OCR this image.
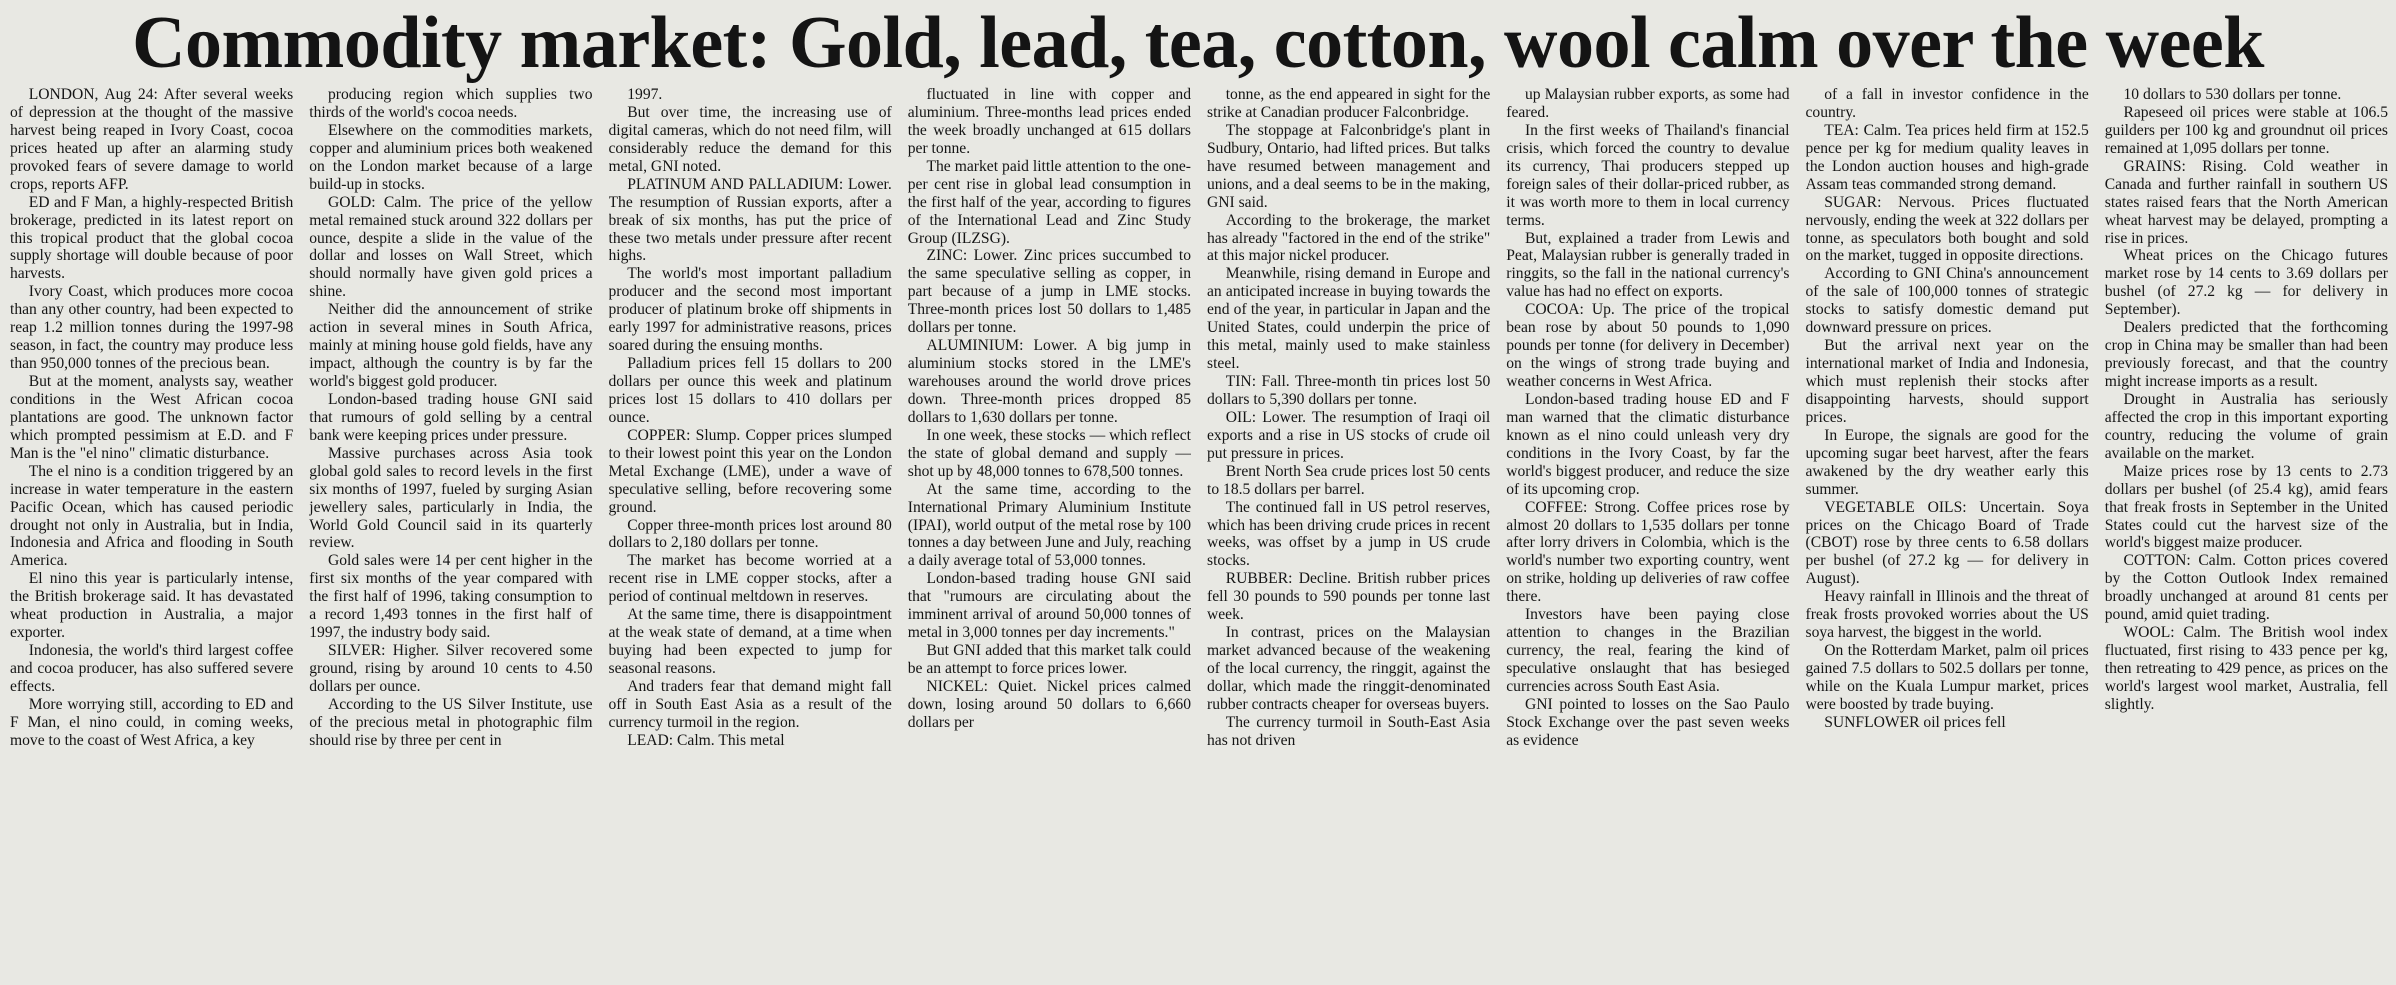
Commodity market: Gold, lead, tea, cotton, wool calm over the week

LONDON, Aug 24: After several weeks of depression at the thought of the massive harvest being reaped in Ivory Coast, cocoa prices heated up after an alarming study provoked fears of severe damage to world crops, reports AFP.

ED and F Man, a highly-respected British brokerage, predicted in its latest report on this tropical product that the global cocoa supply shortage will double because of poor harvests.

Ivory Coast, which produces more cocoa than any other country, had been expected to reap 1.2 million tonnes during the 1997-98 season, in fact, the country may produce less than 950,000 tonnes of the precious bean.

But at the moment, analysts say, weather conditions in the West African cocoa plantations are good. The unknown factor which prompted pessimism at E.D. and F Man is the "el nino" climatic disturbance.

The el nino is a condition triggered by an increase in water temperature in the eastern Pacific Ocean, which has caused periodic drought not only in Australia, but in India, Indonesia and Africa and flooding in South America.

El nino this year is particularly intense, the British brokerage said. It has devastated wheat production in Australia, a major exporter.

Indonesia, the world's third largest coffee and cocoa producer, has also suffered severe effects.

More worrying still, according to ED and F Man, el nino could, in coming weeks, move to the coast of West Africa, a key

producing region which supplies two thirds of the world's cocoa needs.

Elsewhere on the commodities markets, copper and aluminium prices both weakened on the London market because of a large build-up in stocks.

GOLD: Calm. The price of the yellow metal remained stuck around 322 dollars per ounce, despite a slide in the value of the dollar and losses on Wall Street, which should normally have given gold prices a shine.

Neither did the announcement of strike action in several mines in South Africa, mainly at mining house gold fields, have any impact, although the country is by far the world's biggest gold producer.

London-based trading house GNI said that rumours of gold selling by a central bank were keeping prices under pressure.

Massive purchases across Asia took global gold sales to record levels in the first six months of 1997, fueled by surging Asian jewellery sales, particularly in India, the World Gold Council said in its quarterly review.

Gold sales were 14 per cent higher in the first six months of the year compared with the first half of 1996, taking consumption to a record 1,493 tonnes in the first half of 1997, the industry body said.

SILVER: Higher. Silver recovered some ground, rising by around 10 cents to 4.50 dollars per ounce.

According to the US Silver Institute, use of the precious metal in photographic film should rise by three per cent in

1997.

But over time, the increasing use of digital cameras, which do not need film, will considerably reduce the demand for this metal, GNI noted.

PLATINUM AND PALLADIUM: Lower. The resumption of Russian exports, after a break of six months, has put the price of these two metals under pressure after recent highs.

The world's most important palladium producer and the second most important producer of platinum broke off shipments in early 1997 for administrative reasons, prices soared during the ensuing months.

Palladium prices fell 15 dollars to 200 dollars per ounce this week and platinum prices lost 15 dollars to 410 dollars per ounce.

COPPER: Slump. Copper prices slumped to their lowest point this year on the London Metal Exchange (LME), under a wave of speculative selling, before recovering some ground.

Copper three-month prices lost around 80 dollars to 2,180 dollars per tonne.

The market has become worried at a recent rise in LME copper stocks, after a period of continual meltdown in reserves.

At the same time, there is disappointment at the weak state of demand, at a time when buying had been expected to jump for seasonal reasons.

And traders fear that demand might fall off in South East Asia as a result of the currency turmoil in the region.

LEAD: Calm. This metal

fluctuated in line with copper and aluminium. Three-months lead prices ended the week broadly unchanged at 615 dollars per tonne.

The market paid little attention to the one-per cent rise in global lead consumption in the first half of the year, according to figures of the International Lead and Zinc Study Group (ILZSG).

ZINC: Lower. Zinc prices succumbed to the same speculative selling as copper, in part because of a jump in LME stocks. Three-month prices lost 50 dollars to 1,485 dollars per tonne.

ALUMINIUM: Lower. A big jump in aluminium stocks stored in the LME's warehouses around the world drove prices down. Three-month prices dropped 85 dollars to 1,630 dollars per tonne.

In one week, these stocks — which reflect the state of global demand and supply — shot up by 48,000 tonnes to 678,500 tonnes.

At the same time, according to the International Primary Aluminium Institute (IPAI), world output of the metal rose by 100 tonnes a day between June and July, reaching a daily average total of 53,000 tonnes.

London-based trading house GNI said that "rumours are circulating about the imminent arrival of around 50,000 tonnes of metal in 3,000 tonnes per day increments."

But GNI added that this market talk could be an attempt to force prices lower.

NICKEL: Quiet. Nickel prices calmed down, losing around 50 dollars to 6,660 dollars per

tonne, as the end appeared in sight for the strike at Canadian producer Falconbridge.

The stoppage at Falconbridge's plant in Sudbury, Ontario, had lifted prices. But talks have resumed between management and unions, and a deal seems to be in the making, GNI said.

According to the brokerage, the market has already "factored in the end of the strike" at this major nickel producer.

Meanwhile, rising demand in Europe and an anticipated increase in buying towards the end of the year, in particular in Japan and the United States, could underpin the price of this metal, mainly used to make stainless steel.

TIN: Fall. Three-month tin prices lost 50 dollars to 5,390 dollars per tonne.

OIL: Lower. The resumption of Iraqi oil exports and a rise in US stocks of crude oil put pressure in prices.

Brent North Sea crude prices lost 50 cents to 18.5 dollars per barrel.

The continued fall in US petrol reserves, which has been driving crude prices in recent weeks, was offset by a jump in US crude stocks.

RUBBER: Decline. British rubber prices fell 30 pounds to 590 pounds per tonne last week.

In contrast, prices on the Malaysian market advanced because of the weakening of the local currency, the ringgit, against the dollar, which made the ringgit-denominated rubber contracts cheaper for overseas buyers.

The currency turmoil in South-East Asia has not driven

up Malaysian rubber exports, as some had feared.

In the first weeks of Thailand's financial crisis, which forced the country to devalue its currency, Thai producers stepped up foreign sales of their dollar-priced rubber, as it was worth more to them in local currency terms.

But, explained a trader from Lewis and Peat, Malaysian rubber is generally traded in ringgits, so the fall in the national currency's value has had no effect on exports.

COCOA: Up. The price of the tropical bean rose by about 50 pounds to 1,090 pounds per tonne (for delivery in December) on the wings of strong trade buying and weather concerns in West Africa.

London-based trading house ED and F man warned that the climatic disturbance known as el nino could unleash very dry conditions in the Ivory Coast, by far the world's biggest producer, and reduce the size of its upcoming crop.

COFFEE: Strong. Coffee prices rose by almost 20 dollars to 1,535 dollars per tonne after lorry drivers in Colombia, which is the world's number two exporting country, went on strike, holding up deliveries of raw coffee there.

Investors have been paying close attention to changes in the Brazilian currency, the real, fearing the kind of speculative onslaught that has besieged currencies across South East Asia.

GNI pointed to losses on the Sao Paulo Stock Exchange over the past seven weeks as evidence

of a fall in investor confidence in the country.

TEA: Calm. Tea prices held firm at 152.5 pence per kg for medium quality leaves in the London auction houses and high-grade Assam teas commanded strong demand.

SUGAR: Nervous. Prices fluctuated nervously, ending the week at 322 dollars per tonne, as speculators both bought and sold on the market, tugged in opposite directions.

According to GNI China's announcement of the sale of 100,000 tonnes of strategic stocks to satisfy domestic demand put downward pressure on prices.

But the arrival next year on the international market of India and Indonesia, which must replenish their stocks after disappointing harvests, should support prices.

In Europe, the signals are good for the upcoming sugar beet harvest, after the fears awakened by the dry weather early this summer.

VEGETABLE OILS: Uncertain. Soya prices on the Chicago Board of Trade (CBOT) rose by three cents to 6.58 dollars per bushel (of 27.2 kg — for delivery in August).

Heavy rainfall in Illinois and the threat of freak frosts provoked worries about the US soya harvest, the biggest in the world.

On the Rotterdam Market, palm oil prices gained 7.5 dollars to 502.5 dollars per tonne, while on the Kuala Lumpur market, prices were boosted by trade buying.

SUNFLOWER oil prices fell

10 dollars to 530 dollars per tonne.

Rapeseed oil prices were stable at 106.5 guilders per 100 kg and groundnut oil prices remained at 1,095 dollars per tonne.

GRAINS: Rising. Cold weather in Canada and further rainfall in southern US states raised fears that the North American wheat harvest may be delayed, prompting a rise in prices.

Wheat prices on the Chicago futures market rose by 14 cents to 3.69 dollars per bushel (of 27.2 kg — for delivery in September).

Dealers predicted that the forthcoming crop in China may be smaller than had been previously forecast, and that the country might increase imports as a result.

Drought in Australia has seriously affected the crop in this important exporting country, reducing the volume of grain available on the market.

Maize prices rose by 13 cents to 2.73 dollars per bushel (of 25.4 kg), amid fears that freak frosts in September in the United States could cut the harvest size of the world's biggest maize producer.

COTTON: Calm. Cotton prices covered by the Cotton Outlook Index remained broadly unchanged at around 81 cents per pound, amid quiet trading.

WOOL: Calm. The British wool index fluctuated, first rising to 433 pence per kg, then retreating to 429 pence, as prices on the world's largest wool market, Australia, fell slightly.
